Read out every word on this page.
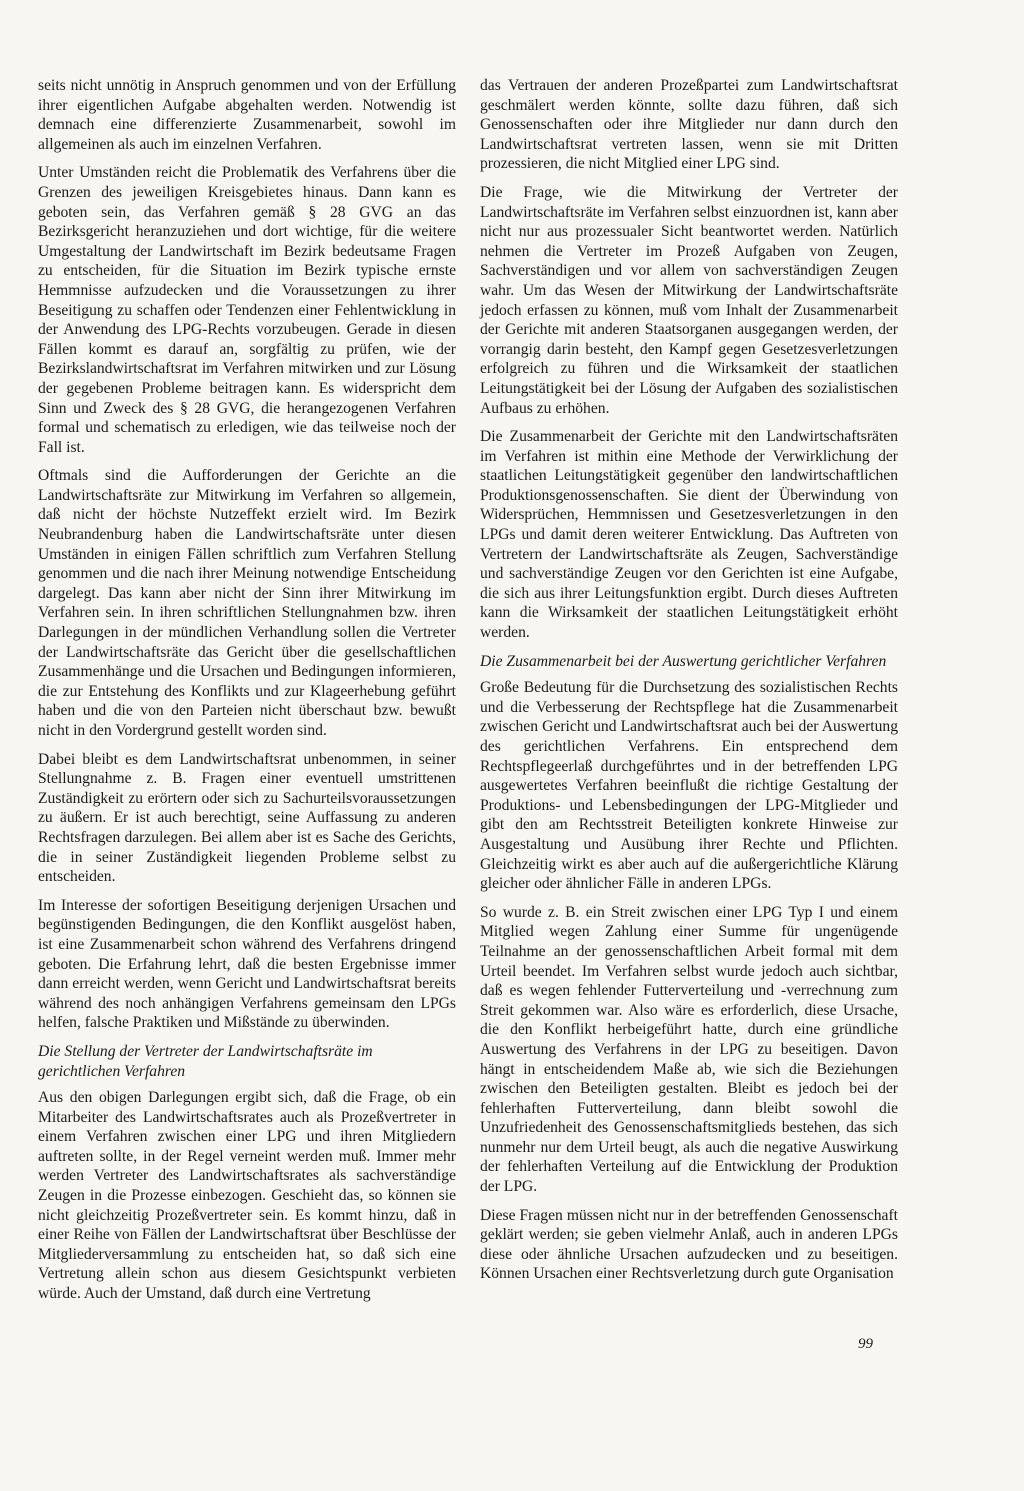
seits nicht unnötig in Anspruch genommen und von der Erfüllung ihrer eigentlichen Aufgabe abgehalten werden. Notwendig ist demnach eine differenzierte Zusammenarbeit, sowohl im allgemeinen als auch im einzelnen Verfahren.

Unter Umständen reicht die Problematik des Verfahrens über die Grenzen des jeweiligen Kreisgebietes hinaus. Dann kann es geboten sein, das Verfahren gemäß § 28 GVG an das Bezirksgericht heranzuziehen und dort wichtige, für die weitere Umgestaltung der Landwirtschaft im Bezirk bedeutsame Fragen zu entscheiden, für die Situation im Bezirk typische ernste Hemmnisse aufzudecken und die Voraussetzungen zu ihrer Beseitigung zu schaffen oder Tendenzen einer Fehlentwicklung in der Anwendung des LPG-Rechts vorzubeugen. Gerade in diesen Fällen kommt es darauf an, sorgfältig zu prüfen, wie der Bezirkslandwirtschaftsrat im Verfahren mitwirken und zur Lösung der gegebenen Probleme beitragen kann. Es widerspricht dem Sinn und Zweck des § 28 GVG, die herangezogenen Verfahren formal und schematisch zu erledigen, wie das teilweise noch der Fall ist.

Oftmals sind die Aufforderungen der Gerichte an die Landwirtschaftsräte zur Mitwirkung im Verfahren so allgemein, daß nicht der höchste Nutzeffekt erzielt wird. Im Bezirk Neubrandenburg haben die Landwirtschaftsräte unter diesen Umständen in einigen Fällen schriftlich zum Verfahren Stellung genommen und die nach ihrer Meinung notwendige Entscheidung dargelegt. Das kann aber nicht der Sinn ihrer Mitwirkung im Verfahren sein. In ihren schriftlichen Stellungnahmen bzw. ihren Darlegungen in der mündlichen Verhandlung sollen die Vertreter der Landwirtschaftsräte das Gericht über die gesellschaftlichen Zusammenhänge und die Ursachen und Bedingungen informieren, die zur Entstehung des Konflikts und zur Klageerhebung geführt haben und die von den Parteien nicht überschaut bzw. bewußt nicht in den Vordergrund gestellt worden sind.

Dabei bleibt es dem Landwirtschaftsrat unbenommen, in seiner Stellungnahme z. B. Fragen einer eventuell umstrittenen Zuständigkeit zu erörtern oder sich zu Sachurteilsvoraussetzungen zu äußern. Er ist auch berechtigt, seine Auffassung zu anderen Rechtsfragen darzulegen. Bei allem aber ist es Sache des Gerichts, die in seiner Zuständigkeit liegenden Probleme selbst zu entscheiden.

Im Interesse der sofortigen Beseitigung derjenigen Ursachen und begünstigenden Bedingungen, die den Konflikt ausgelöst haben, ist eine Zusammenarbeit schon während des Verfahrens dringend geboten. Die Erfahrung lehrt, daß die besten Ergebnisse immer dann erreicht werden, wenn Gericht und Landwirtschaftsrat bereits während des noch anhängigen Verfahrens gemeinsam den LPGs helfen, falsche Praktiken und Mißstände zu überwinden.

Die Stellung der Vertreter der Landwirtschaftsräte im gerichtlichen Verfahren

Aus den obigen Darlegungen ergibt sich, daß die Frage, ob ein Mitarbeiter des Landwirtschaftsrates auch als Prozeßvertreter in einem Verfahren zwischen einer LPG und ihren Mitgliedern auftreten sollte, in der Regel verneint werden muß. Immer mehr werden Vertreter des Landwirtschaftsrates als sachverständige Zeugen in die Prozesse einbezogen. Geschieht das, so können sie nicht gleichzeitig Prozeßvertreter sein. Es kommt hinzu, daß in einer Reihe von Fällen der Landwirtschaftsrat über Beschlüsse der Mitgliederversammlung zu entscheiden hat, so daß sich eine Vertretung allein schon aus diesem Gesichtspunkt verbieten würde. Auch der Umstand, daß durch eine Vertretung

das Vertrauen der anderen Prozeßpartei zum Landwirtschaftsrat geschmälert werden könnte, sollte dazu führen, daß sich Genossenschaften oder ihre Mitglieder nur dann durch den Landwirtschaftsrat vertreten lassen, wenn sie mit Dritten prozessieren, die nicht Mitglied einer LPG sind.

Die Frage, wie die Mitwirkung der Vertreter der Landwirtschaftsräte im Verfahren selbst einzuordnen ist, kann aber nicht nur aus prozessualer Sicht beantwortet werden. Natürlich nehmen die Vertreter im Prozeß Aufgaben von Zeugen, Sachverständigen und vor allem von sachverständigen Zeugen wahr. Um das Wesen der Mitwirkung der Landwirtschaftsräte jedoch erfassen zu können, muß vom Inhalt der Zusammenarbeit der Gerichte mit anderen Staatsorganen ausgegangen werden, der vorrangig darin besteht, den Kampf gegen Gesetzesverletzungen erfolgreich zu führen und die Wirksamkeit der staatlichen Leitungstätigkeit bei der Lösung der Aufgaben des sozialistischen Aufbaus zu erhöhen.

Die Zusammenarbeit der Gerichte mit den Landwirtschaftsräten im Verfahren ist mithin eine Methode der Verwirklichung der staatlichen Leitungstätigkeit gegenüber den landwirtschaftlichen Produktionsgenossenschaften. Sie dient der Überwindung von Widersprüchen, Hemmnissen und Gesetzesverletzungen in den LPGs und damit deren weiterer Entwicklung. Das Auftreten von Vertretern der Landwirtschaftsräte als Zeugen, Sachverständige und sachverständige Zeugen vor den Gerichten ist eine Aufgabe, die sich aus ihrer Leitungsfunktion ergibt. Durch dieses Auftreten kann die Wirksamkeit der staatlichen Leitungstätigkeit erhöht werden.

Die Zusammenarbeit bei der Auswertung gerichtlicher Verfahren

Große Bedeutung für die Durchsetzung des sozialistischen Rechts und die Verbesserung der Rechtspflege hat die Zusammenarbeit zwischen Gericht und Landwirtschaftsrat auch bei der Auswertung des gerichtlichen Verfahrens. Ein entsprechend dem Rechtspflegeerlaß durchgeführtes und in der betreffenden LPG ausgewertetes Verfahren beeinflußt die richtige Gestaltung der Produktions- und Lebensbedingungen der LPG-Mitglieder und gibt den am Rechtsstreit Beteiligten konkrete Hinweise zur Ausgestaltung und Ausübung ihrer Rechte und Pflichten. Gleichzeitig wirkt es aber auch auf die außergerichtliche Klärung gleicher oder ähnlicher Fälle in anderen LPGs.

So wurde z. B. ein Streit zwischen einer LPG Typ I und einem Mitglied wegen Zahlung einer Summe für ungenügende Teilnahme an der genossenschaftlichen Arbeit formal mit dem Urteil beendet. Im Verfahren selbst wurde jedoch auch sichtbar, daß es wegen fehlender Futterverteilung und -verrechnung zum Streit gekommen war. Also wäre es erforderlich, diese Ursache, die den Konflikt herbeigeführt hatte, durch eine gründliche Auswertung des Verfahrens in der LPG zu beseitigen. Davon hängt in entscheidendem Maße ab, wie sich die Beziehungen zwischen den Beteiligten gestalten. Bleibt es jedoch bei der fehlerhaften Futterverteilung, dann bleibt sowohl die Unzufriedenheit des Genossenschaftsmitglieds bestehen, das sich nunmehr nur dem Urteil beugt, als auch die negative Auswirkung der fehlerhaften Verteilung auf die Entwicklung der Produktion der LPG.

Diese Fragen müssen nicht nur in der betreffenden Genossenschaft geklärt werden; sie geben vielmehr Anlaß, auch in anderen LPGs diese oder ähnliche Ursachen aufzudecken und zu beseitigen. Können Ursachen einer Rechtsverletzung durch gute Organisation

99
